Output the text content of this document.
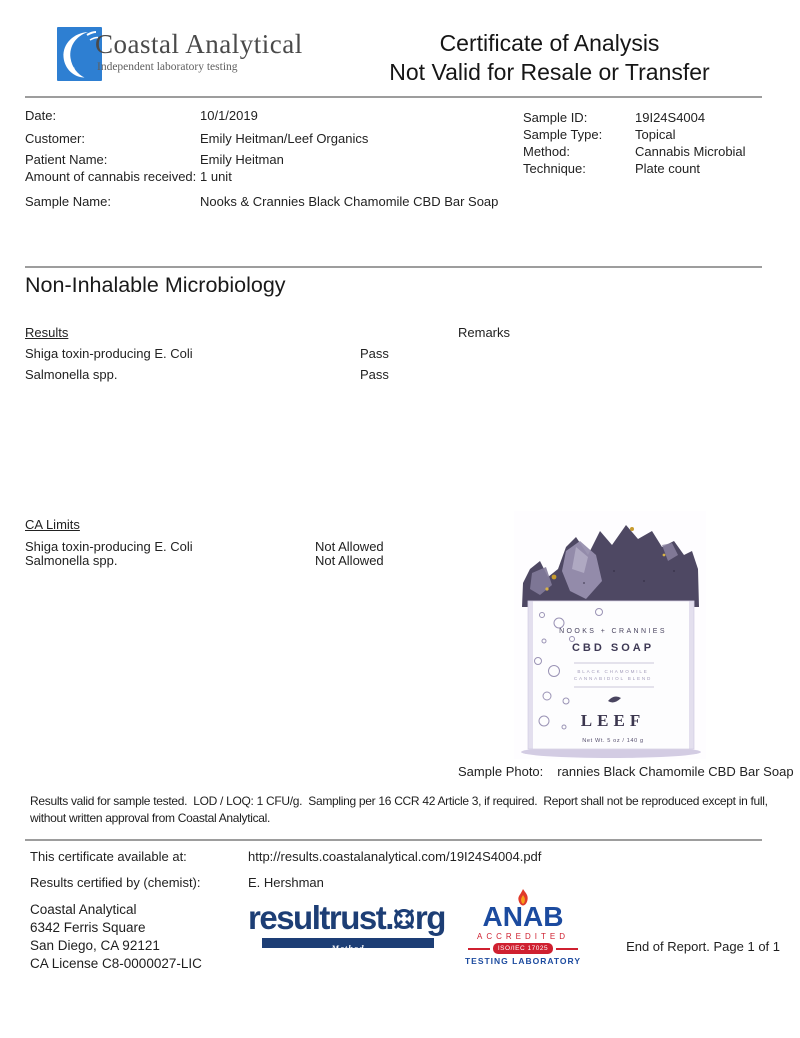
Coastal Analytical
Independent laboratory testing
Certificate of Analysis
Not Valid for Resale or Transfer
Date:	10/1/2019
Customer:	Emily Heitman/Leef Organics
Patient Name:	Emily Heitman
Amount of cannabis received: 1 unit
Sample Name:	Nooks & Crannies Black Chamomile CBD Bar Soap
Sample ID:	19I24S4004
Sample Type:	Topical
Method:	Cannabis Microbial
Technique:	Plate count
Non-Inhalable Microbiology
Results	Remarks
Shiga toxin-producing E. Coli	Pass
Salmonella spp.	Pass
CA Limits
Shiga toxin-producing E. Coli	Not Allowed
Salmonella spp.	Not Allowed
NOOKS + CRANNIES
CBD SOAP
BLACK CHAMOMILE
CANNABIDIOL BLEND
LEEF
Net Wt. 5 oz / 140 g
Sample Photo: rannies Black Chamomile CBD Bar Soap
Results valid for sample tested.  LOD / LOQ: 1 CFU/g.  Sampling per 16 CCR 42 Article 3, if required.  Report shall not be reproduced except in full, without written approval from Coastal Analytical.
This certificate available at:	http://results.coastalanalytical.com/19I24S4004.pdf
Results certified by (chemist):	E. Hershman
Coastal Analytical
6342 Ferris Square
San Diego, CA 92121
CA License C8-0000027-LIC
resultrust. rg
Method
ANAB
ACCREDITED
ISO/IEC 17025
TESTING LABORATORY
End of Report. Page 1 of 1
